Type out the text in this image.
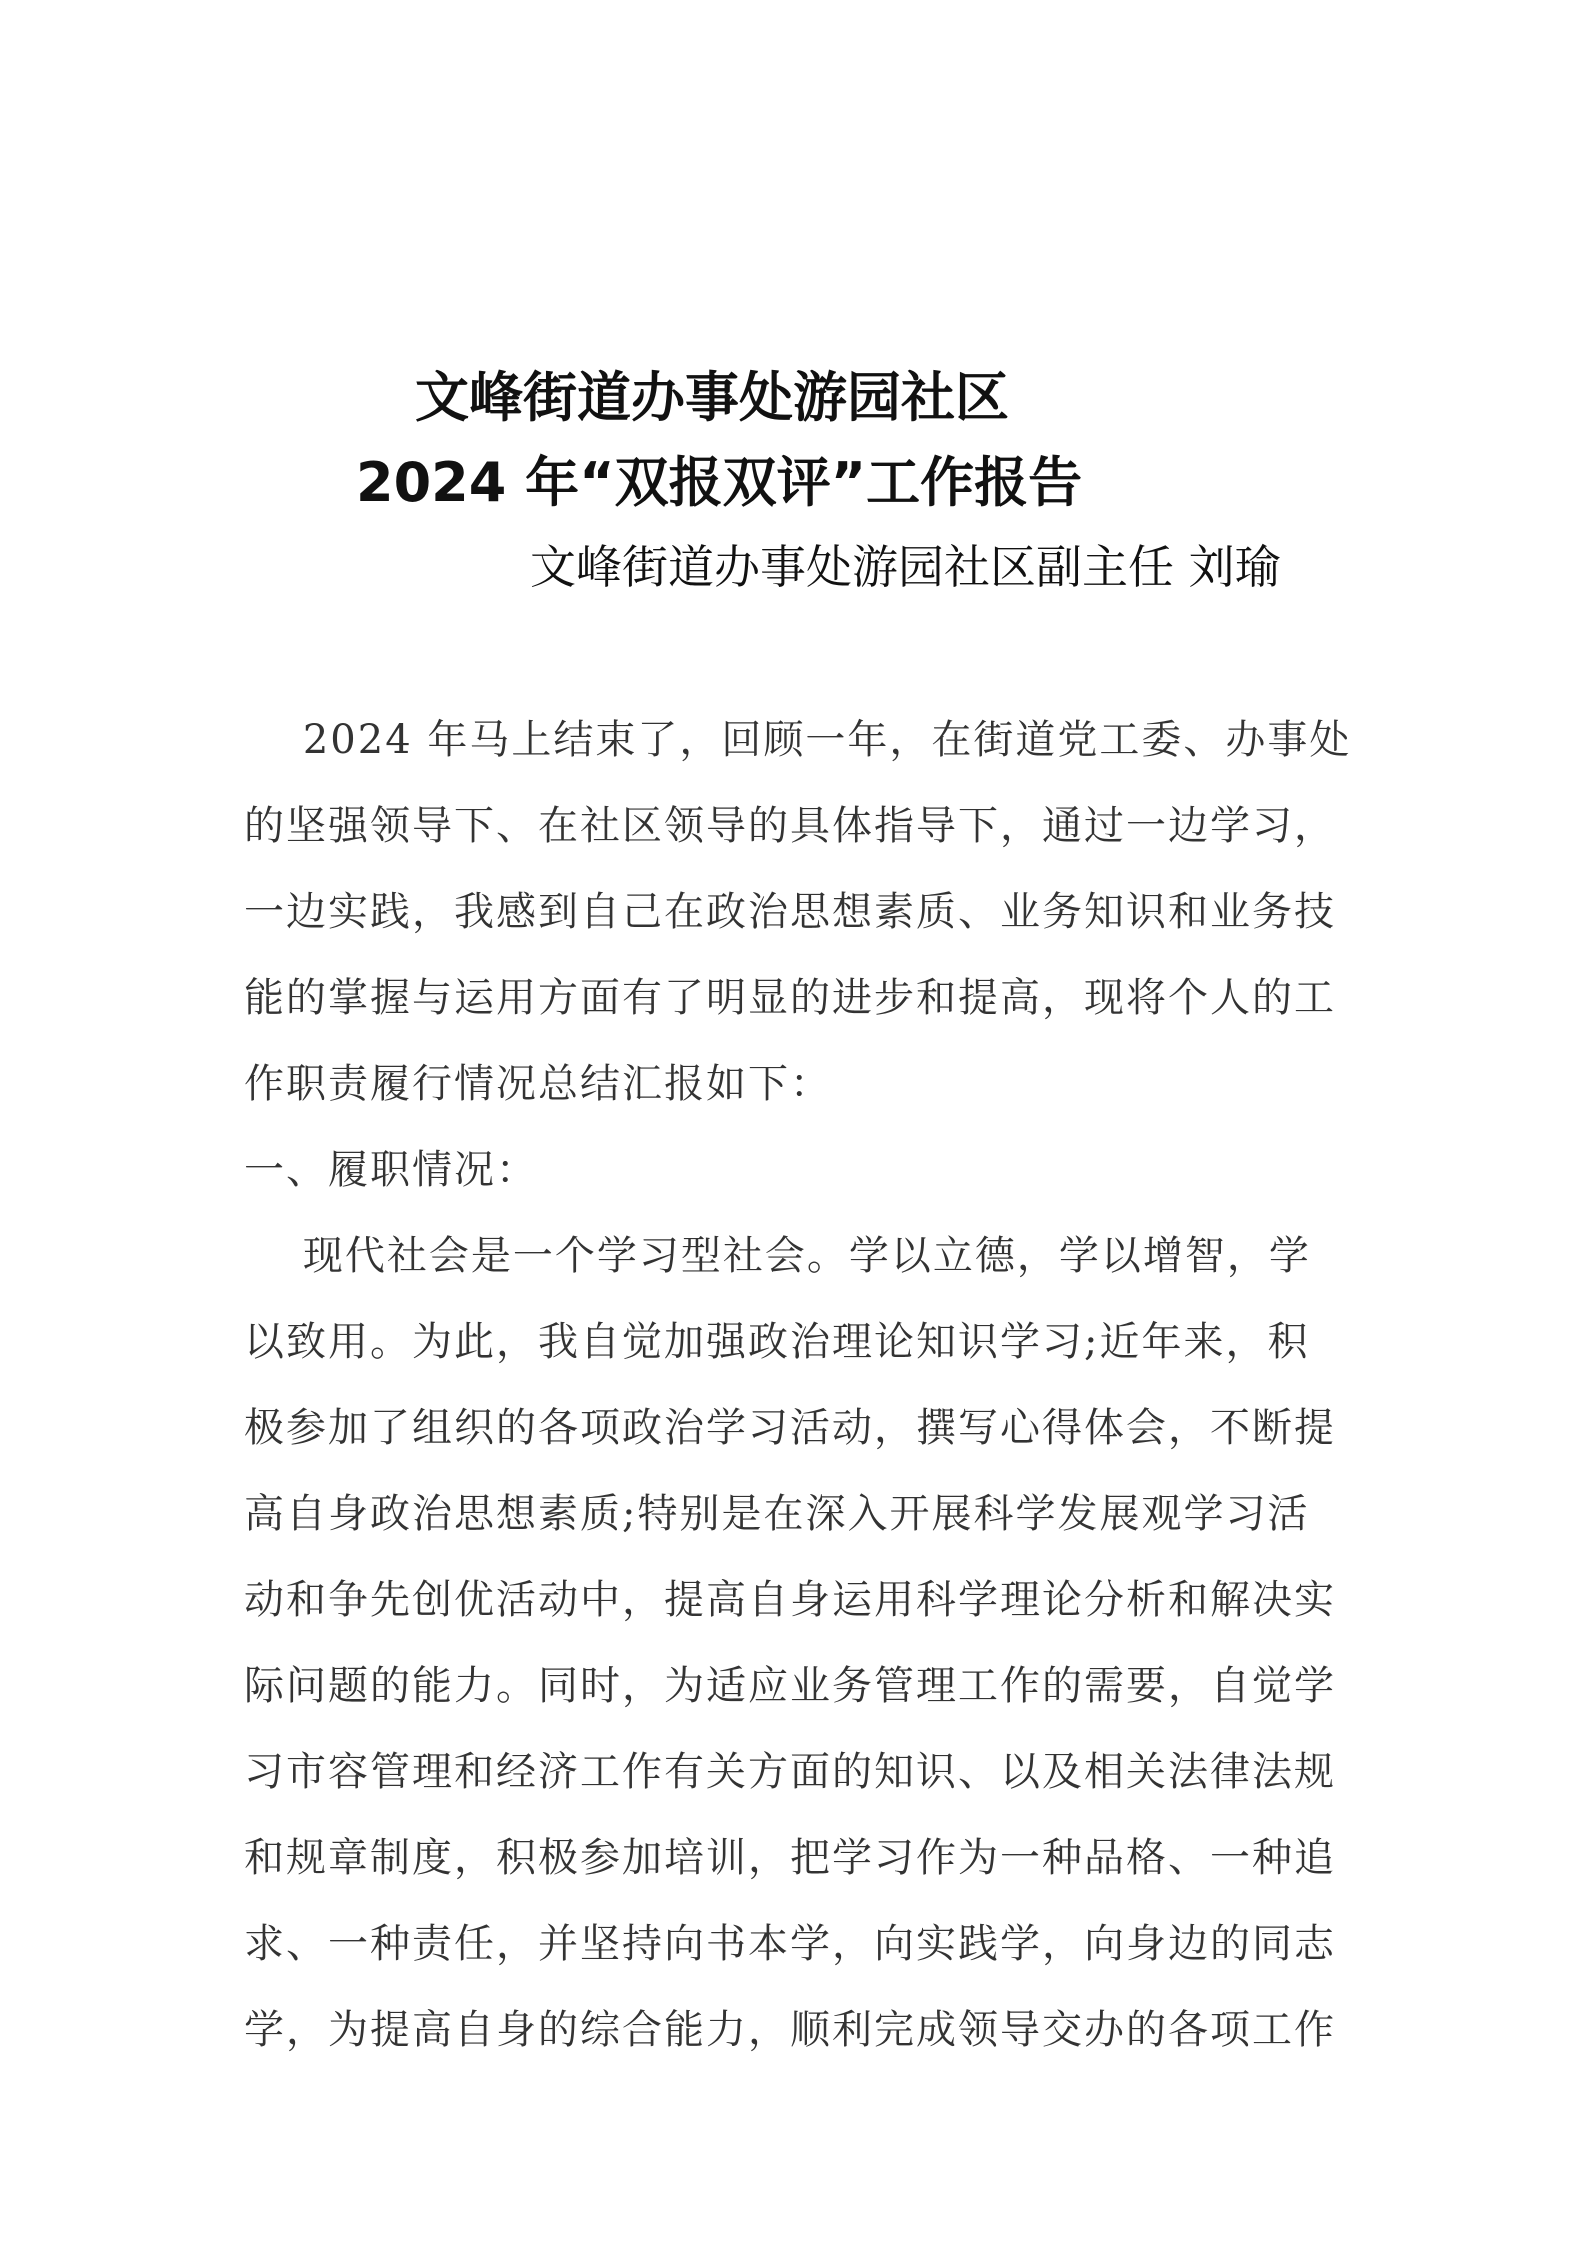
文峰街道办事处游园社区
2024 年“双报双评”工作报告
文峰街道办事处游园社区副主任 刘瑜
2024 年马上结束了，回顾一年，在街道党工委、办事处
的坚强领导下、在社区领导的具体指导下，通过一边学习，
一边实践，我感到自己在政治思想素质、业务知识和业务技
能的掌握与运用方面有了明显的进步和提高，现将个人的工
作职责履行情况总结汇报如下：
一、履职情况：
现代社会是一个学习型社会。学以立德，学以增智，学
以致用。为此，我自觉加强政治理论知识学习;近年来，积
极参加了组织的各项政治学习活动，撰写心得体会，不断提
高自身政治思想素质;特别是在深入开展科学发展观学习活
动和争先创优活动中，提高自身运用科学理论分析和解决实
际问题的能力。同时，为适应业务管理工作的需要，自觉学
习市容管理和经济工作有关方面的知识、以及相关法律法规
和规章制度，积极参加培训，把学习作为一种品格、一种追
求、一种责任，并坚持向书本学，向实践学，向身边的同志
学，为提高自身的综合能力，顺利完成领导交办的各项工作
